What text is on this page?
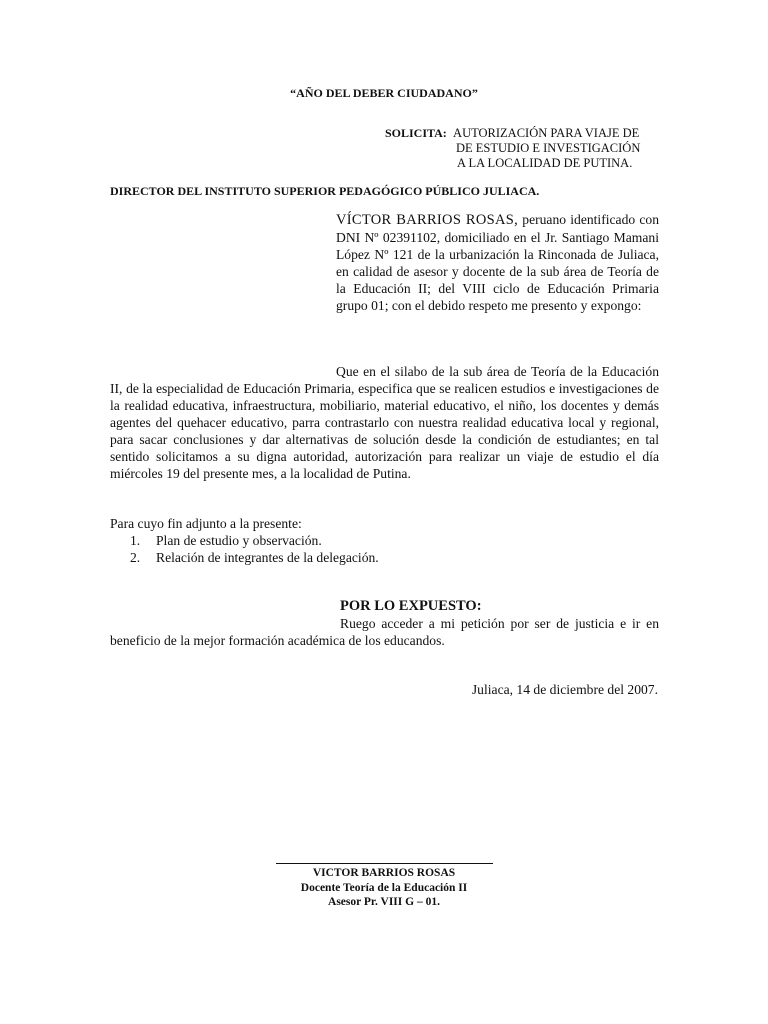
“AÑO DEL DEBER CIUDADANO”
SOLICITA: AUTORIZACIÓN PARA VIAJE DE
DE ESTUDIO E INVESTIGACIÓN
A LA LOCALIDAD DE PUTINA.
DIRECTOR DEL INSTITUTO SUPERIOR PEDAGÓGICO PÚBLICO JULIACA.
VÍCTOR BARRIOS ROSAS, peruano identificado con DNI Nº 02391102, domiciliado en el Jr. Santiago Mamani López Nº 121 de la urbanización la Rinconada de Juliaca, en calidad de asesor y docente de la sub área de Teoría de la Educación II; del VIII ciclo de Educación Primaria grupo 01; con el debido respeto me presento y expongo:
Que en el silabo de la sub área de Teoría de la Educación II, de la especialidad de Educación Primaria, especifica que se realicen estudios e investigaciones de la realidad educativa, infraestructura, mobiliario, material educativo, el niño, los docentes y demás agentes del quehacer educativo, parra contrastarlo con nuestra realidad educativa local y regional, para sacar conclusiones y dar alternativas de solución desde la condición de estudiantes; en tal sentido solicitamos a su digna autoridad, autorización para realizar un viaje de estudio el día miércoles 19 del presente mes, a la localidad de Putina.
Para cuyo fin adjunto a la presente:
1. Plan de estudio y observación.
2. Relación de integrantes de la delegación.
POR LO EXPUESTO:
Ruego acceder a mi petición por ser de justicia e ir en beneficio de la mejor formación académica de los educandos.
Juliaca, 14 de diciembre del 2007.
VICTOR BARRIOS ROSAS
Docente Teoría de la Educación II
Asesor Pr. VIII G – 01.
